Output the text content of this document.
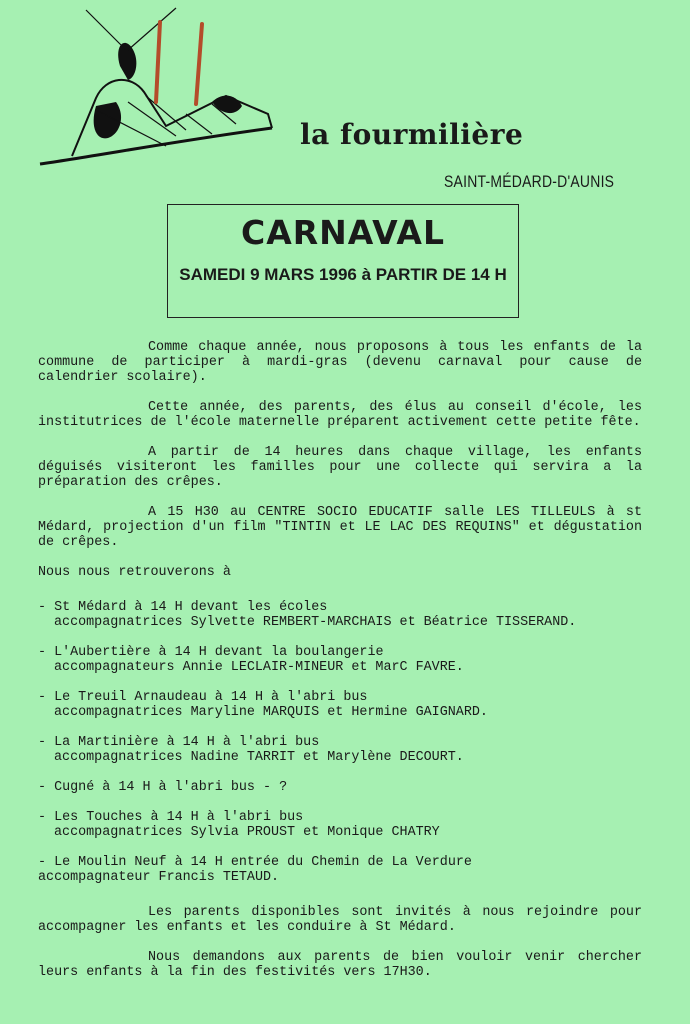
la fourmilière
SAINT-MÉDARD-D'AUNIS
CARNAVAL
SAMEDI 9 MARS 1996 à PARTIR DE 14 H

Comme chaque année, nous proposons à tous les enfants de la commune de participer à mardi-gras (devenu carnaval pour cause de calendrier scolaire).

Cette année, des parents, des élus au conseil d'école, les institutrices de l'école maternelle préparent activement cette petite fête.

A partir de 14 heures dans chaque village, les enfants déguisés visiteront les familles pour une collecte qui servira a la préparation des crêpes.

A 15 H30 au CENTRE SOCIO EDUCATIF salle LES TILLEULS à st Médard, projection d'un film "TINTIN et LE LAC DES REQUINS" et dégustation de crêpes.

Nous nous retrouverons à

- St Médard à 14 H devant les écoles
accompagnatrices Sylvette REMBERT-MARCHAIS et Béatrice TISSERAND.
- L'Aubertière à 14 H devant la boulangerie
accompagnateurs Annie LECLAIR-MINEUR et MarC FAVRE.
- Le Treuil Arnaudeau à 14 H à l'abri bus
accompagnatrices Maryline MARQUIS et Hermine GAIGNARD.
- La Martinière à 14 H à l'abri bus
accompagnatrices Nadine TARRIT et Marylène DECOURT.
- Cugné à 14 H à l'abri bus - ?
- Les Touches à 14 H à l'abri bus
accompagnatrices Sylvia PROUST et Monique CHATRY

- Le Moulin Neuf à 14 H entrée du Chemin de La Verdure

accompagnateur Francis TETAUD.

Les parents disponibles sont invités à nous rejoindre pour accompagner les enfants et les conduire à St Médard.

Nous demandons aux parents de bien vouloir venir chercher leurs enfants à la fin des festivités vers 17H30.
